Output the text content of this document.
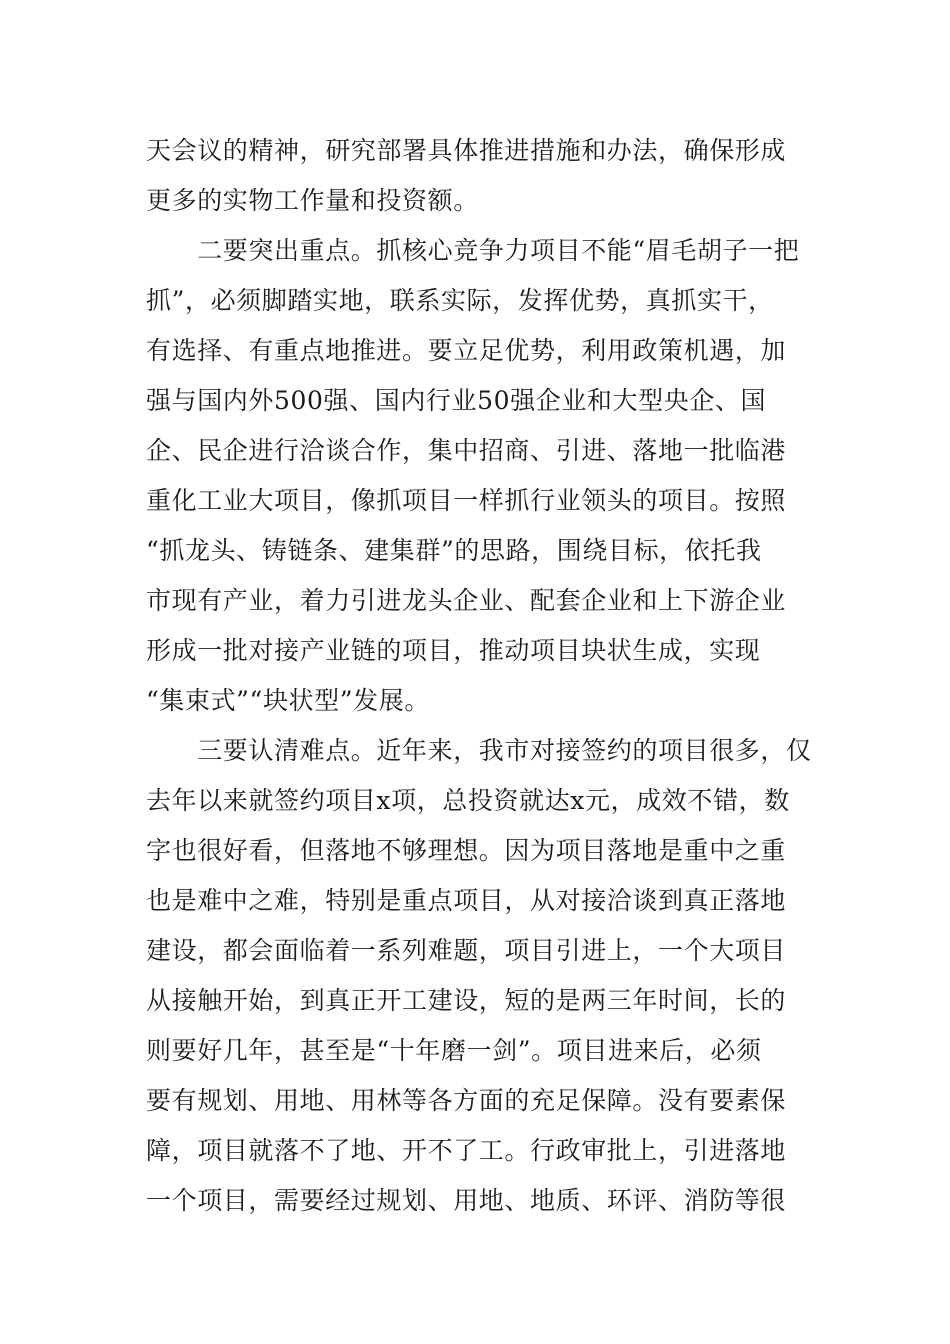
天会议的精神，研究部署具体推进措施和办法，确保形成
更多的实物工作量和投资额。
　　二要突出重点。抓核心竞争力项目不能“眉毛胡子一把
抓”，必须脚踏实地，联系实际，发挥优势，真抓实干，
有选择、有重点地推进。要立足优势，利用政策机遇，加
强与国内外500强、国内行业50强企业和大型央企、国
企、民企进行洽谈合作，集中招商、引进、落地一批临港
重化工业大项目，像抓项目一样抓行业领头的项目。按照
“抓龙头、铸链条、建集群”的思路，围绕目标，依托我
市现有产业，着力引进龙头企业、配套企业和上下游企业
形成一批对接产业链的项目，推动项目块状生成，实现
“集束式”“块状型”发展。
　　三要认清难点。近年来，我市对接签约的项目很多，仅
去年以来就签约项目x项，总投资就达x元，成效不错，数
字也很好看，但落地不够理想。因为项目落地是重中之重
也是难中之难，特别是重点项目，从对接洽谈到真正落地
建设，都会面临着一系列难题，项目引进上，一个大项目
从接触开始，到真正开工建设，短的是两三年时间，长的
则要好几年，甚至是“十年磨一剑”。项目进来后，必须
要有规划、用地、用林等各方面的充足保障。没有要素保
障，项目就落不了地、开不了工。行政审批上，引进落地
一个项目，需要经过规划、用地、地质、环评、消防等很
